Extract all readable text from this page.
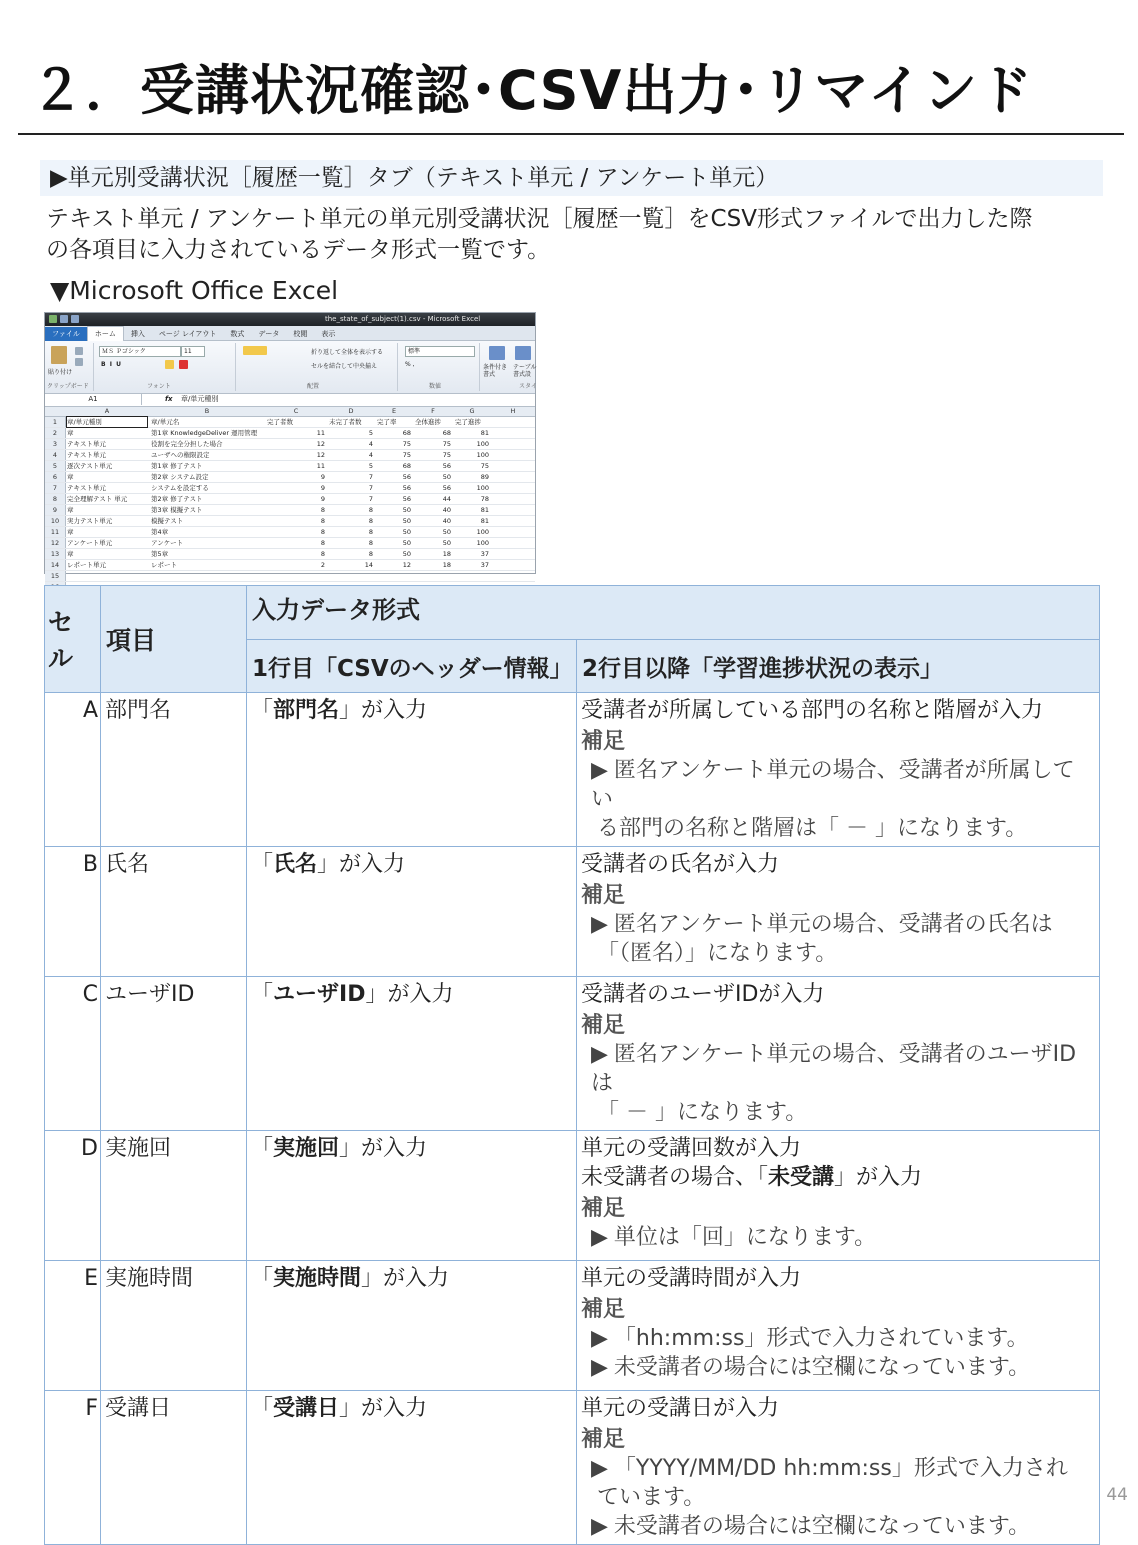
２．受講状況確認･CSV出力･リマインド
▶単元別受講状況［履歴一覧］タブ（テキスト単元 / アンケート単元）
テキスト単元 / アンケート単元の単元別受講状況［履歴一覧］をCSV形式ファイルで出力した際
の各項目に入力されているデータ形式一覧です。
▼Microsoft Office Excel
the_state_of_subject(1).csv - Microsoft Excel
ファイル ホーム 挿入 ページ レイアウト 数式 データ 校閲 表示
貼り付け
クリップボード
ＭＳ Ｐゴシック	11
B  I  U
フォント
折り返して全体を表示する
セルを結合して中央揃え
配置
標準
% ,
数値
条件付き 書式
テーブル 書式設
スタイ
A1	fx 章/単元種別
A	B	C	D	E	F	G	H
1	章/単元種別	章/単元名	完了者数	未完了者数	完了率	全体進捗	完了進捗
2	章	第1章 KnowledgeDeliver 運用管理	11	5	68	68	81
3	テキスト単元	役割を完全分担した場合	12	4	75	75	100
4	テキスト単元	ユーザへの権限設定	12	4	75	75	100
5	逐次テスト単元	第1章 修了テスト	11	5	68	56	75
6	章	第2章 システム設定	9	7	56	50	89
7	テキスト単元	システムを設定する	9	7	56	56	100
8	完全理解テスト 単元	第2章 修了テスト	9	7	56	44	78
9	章	第3章 模擬テスト	8	8	50	40	81
10	実力テスト単元	模擬テスト	8	8	50	40	81
11	章	第4章	8	8	50	50	100
12	アンケート単元	アンケート	8	8	50	50	100
13	章	第5章	8	8	50	18	37
14	レポート単元	レポート	2	14	12	18	37
15
セル	項目	入力データ形式	
		1行目「CSVのヘッダー情報」	2行目以降「学習進捗状況の表示」
A	部門名	「部門名」が入力	受講者が所属している部門の名称と階層が入力
補足
▶ 匿名アンケート単元の場合、受講者が所属してい
る部門の名称と階層は「 － 」になります。

B	氏名	「氏名」が入力	受講者の氏名が入力
補足
▶ 匿名アンケート単元の場合、受講者の氏名は
「（匿名）」になります。

C	ユーザID	「ユーザID」が入力	受講者のユーザIDが入力
補足
▶ 匿名アンケート単元の場合、受講者のユーザIDは
「 － 」になります。

D	実施回	「実施回」が入力	単元の受講回数が入力
未受講者の場合、「未受講」が入力
補足
▶ 単位は「回」になります。

E	実施時間	「実施時間」が入力	単元の受講時間が入力
補足
▶ 「hh:mm:ss」形式で入力されています。
▶ 未受講者の場合には空欄になっています。

F	受講日	「受講日」が入力	単元の受講日が入力
補足
▶ 「YYYY/MM/DD hh:mm:ss」形式で入力され
ています。
▶ 未受講者の場合には空欄になっています。
44
